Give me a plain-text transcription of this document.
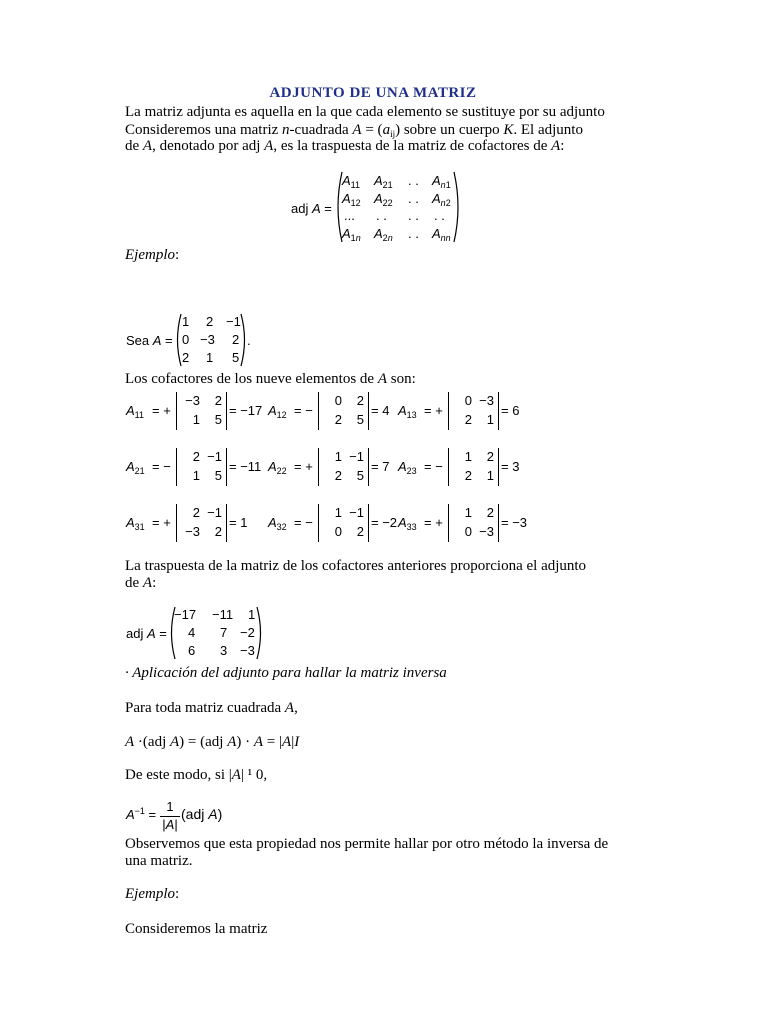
ADJUNTO DE UNA MATRIZ
La matriz adjunta es aquella en la que cada elemento se sustituye por su adjunto
Consideremos una matriz n-cuadrada $A = (a_{ij})$ sobre un cuerpo K. El adjunto
de A, denotado por adj A, es la traspuesta de la matriz de cofactores de A:
adj A =
$A_{11}$ $A_{21}$ . . $A_{n1}$
$A_{12}$ $A_{22}$ . . $A_{n2}$
... . . . . . .
$A_{1n}$ $A_{2n}$ . . $A_{nn}$
Ejemplo:
Sea A =
1 2 −1
0 −3 2
2 1 5
.
Los cofactores de los nueve elementos de A son:
$A_{11}$ = +
−3	2
1	5
= −17 $A_{12}$ = −
0	2
2	5
= 4 $A_{13}$ = +
0 −3
2	1
= 6
$A_{21}$ = −
2 −1
1	5
= −11 $A_{22}$ = +
1 −1
2	5
= 7 $A_{23}$ = −
1	2
2	1
= 3
$A_{31}$ = +
2 −1
−3	2
= 1 $A_{32}$ = −
1 −1
0	2
= −2 $A_{33}$ = +
1	2
0 −3
= −3
La traspuesta de la matriz de los cofactores anteriores proporciona el adjunto
de A:
adj A =
−17 −11 1
4 7 −2
6 3 −3
· Aplicación del adjunto para hallar la matriz inversa
Para toda matriz cuadrada A,
A ·(adj A) = (adj A) · A = |A|I
De este modo, si |A| ¹ 0,
$A^{-1}$ =
1
|A|
(adj A)
Observemos que esta propiedad nos permite hallar por otro método la inversa de
una matriz.
Ejemplo:
Consideremos la matriz
